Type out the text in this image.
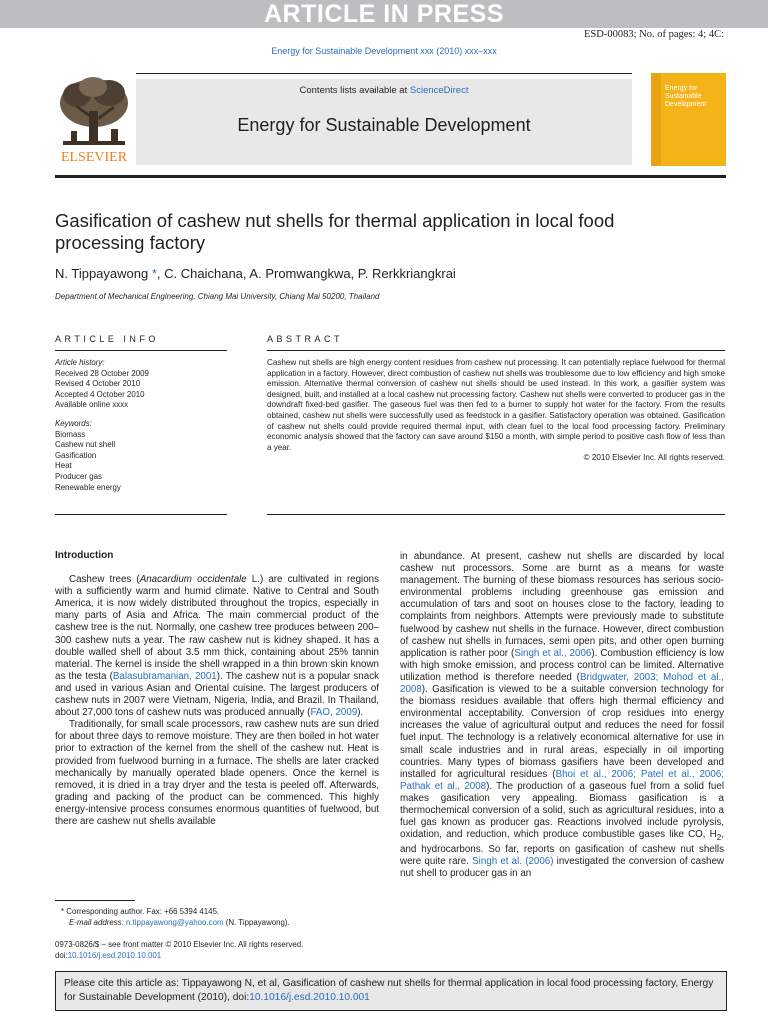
ARTICLE IN PRESS
ESD-00083; No. of pages: 4; 4C:
Energy for Sustainable Development xxx (2010) xxx–xxx
ELSEVIER
Contents lists available at ScienceDirect
Energy for Sustainable Development
Energy for Sustainable Development
Gasification of cashew nut shells for thermal application in local food processing factory
N. Tippayawong *, C. Chaichana, A. Promwangkwa, P. Rerkkriangkrai
Department of Mechanical Engineering, Chiang Mai University, Chiang Mai 50200, Thailand
ARTICLE INFO	ABSTRACT
Article history:
Received 28 October 2009
Revised 4 October 2010
Accepted 4 October 2010
Available online xxxx
Keywords:
Biomass
Cashew nut shell
Gasification
Heat
Producer gas
Renewable energy
Cashew nut shells are high energy content residues from cashew nut processing. It can potentially replace fuelwood for thermal application in a factory. However, direct combustion of cashew nut shells was troublesome due to low efficiency and high smoke emission. Alternative thermal conversion of cashew nut shells should be used instead. In this work, a gasifier system was designed, built, and installed at a local cashew nut processing factory. Cashew nut shells were converted to producer gas in the downdraft fixed-bed gasifier. The gaseous fuel was then fed to a burner to supply hot water for the factory. From the results obtained, cashew nut shells were successfully used as feedstock in a gasifier. Satisfactory operation was obtained. Gasification of cashew nut shells could provide required thermal input, with clean fuel to the local food processing factory. Preliminary economic analysis showed that the factory can save around $150 a month, with simple period to positive cash flow of less than a year.
© 2010 Elsevier Inc. All rights reserved.
Introduction

Cashew trees (Anacardium occidentale L.) are cultivated in regions with a sufficiently warm and humid climate. Native to Central and South America, it is now widely distributed throughout the tropics, especially in many parts of Asia and Africa. The main commercial product of the cashew tree is the nut. Normally, one cashew tree produces between 200–300 cashew nuts a year. The raw cashew nut is kidney shaped. It has a double walled shell of about 3.5 mm thick, containing about 25% tannin material. The kernel is inside the shell wrapped in a thin brown skin known as the testa (Balasubramanian, 2001). The cashew nut is a popular snack and used in various Asian and Oriental cuisine. The largest producers of cashew nuts in 2007 were Vietnam, Nigeria, India, and Brazil. In Thailand, about 27,000 tons of cashew nuts was produced annually (FAO, 2009).

Traditionally, for small scale processors, raw cashew nuts are sun dried for about three days to remove moisture. They are then boiled in hot water prior to extraction of the kernel from the shell of the cashew nut. Heat is provided from fuelwood burning in a furnace. The shells are later cracked mechanically by manually operated blade openers. Once the kernel is removed, it is dried in a tray dryer and the testa is peeled off. Afterwards, grading and packing of the product can be commenced. This highly energy-intensive process consumes enormous quantities of fuelwood, but there are cashew nut shells available

in abundance. At present, cashew nut shells are discarded by local cashew nut processors. Some are burnt as a means for waste management. The burning of these biomass resources has serious socio-environmental problems including greenhouse gas emission and accumulation of tars and soot on houses close to the factory, leading to complaints from neighbors. Attempts were previously made to substitute fuelwood by cashew nut shells in the furnace. However, direct combustion of cashew nut shells in furnaces, semi open pits, and other open burning application is rather poor (Singh et al., 2006). Combustion efficiency is low with high smoke emission, and process control can be limited. Alternative utilization method is therefore needed (Bridgwater, 2003; Mohod et al., 2008). Gasification is viewed to be a suitable conversion technology for the biomass residues available that offers high thermal efficiency and environmental acceptability. Conversion of crop residues into energy increases the value of agricultural output and reduces the need for fossil fuel input. The technology is a relatively economical alternative for use in small scale industries and in rural areas, especially in oil importing countries. Many types of biomass gasifiers have been developed and installed for agricultural residues (Bhoi et al., 2006; Patel et al., 2006; Pathak et al., 2008). The production of a gaseous fuel from a solid fuel makes gasification very appealing. Biomass gasification is a thermochemical conversion of a solid, such as agricultural residues, into a fuel gas known as producer gas. Reactions involved include pyrolysis, oxidation, and reduction, which produce combustible gases like CO, $H_2$, and hydrocarbons. So far, reports on gasification of cashew nut shells were quite rare. Singh et al. (2006) investigated the conversion of cashew nut shell to producer gas in an

* Corresponding author. Fax: +66 5394 4145.
E-mail address: n.tippayawong@yahoo.com (N. Tippayawong).
0973-0826/$ – see front matter © 2010 Elsevier Inc. All rights reserved.
doi:10.1016/j.esd.2010.10.001
Please cite this article as: Tippayawong N, et al, Gasification of cashew nut shells for thermal application in local food processing factory, Energy for Sustainable Development (2010), doi:10.1016/j.esd.2010.10.001
